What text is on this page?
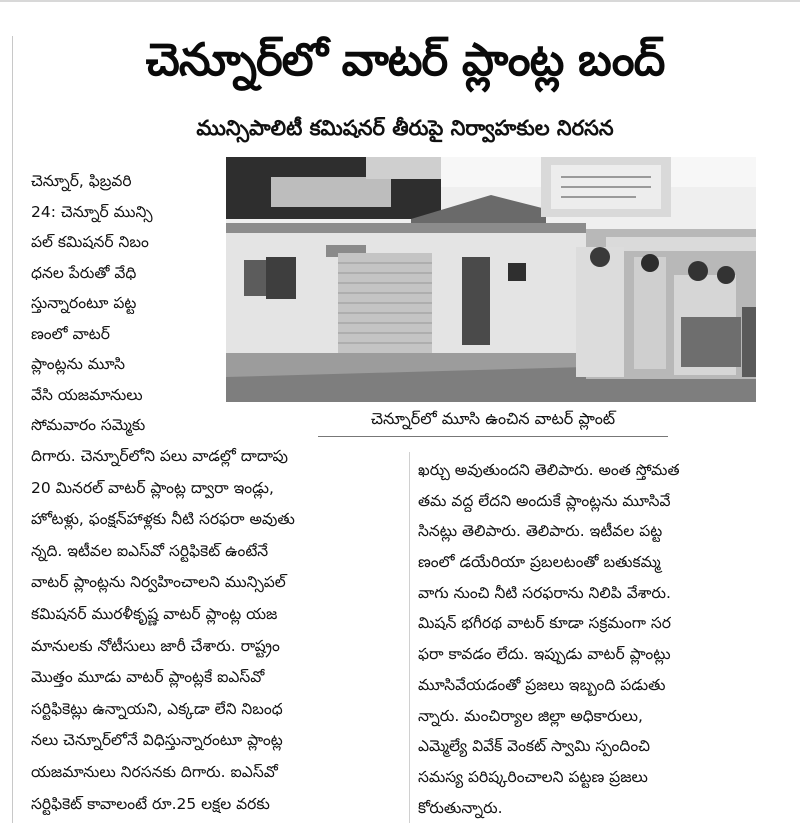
చెన్నూర్‌లో వాటర్ ప్లాంట్ల బంద్
మున్సిపాలిటీ కమిషనర్ తీరుపై నిర్వాహకుల నిరసన
చెన్నూర్‌లో మూసి ఉంచిన వాటర్ ప్లాంట్
చెన్నూర్, ఫిబ్రవరి
24: చెన్నూర్ మున్సి
పల్ కమిషనర్ నిబం
ధనల పేరుతో వేధి
స్తున్నారంటూ పట్ట
ణంలో వాటర్
ప్లాంట్లను మూసి
వేసి యజమానులు
సోమవారం సమ్మెకు
దిగారు. చెన్నూర్‌లోని పలు వాడల్లో దాదాపు
20 మినరల్ వాటర్ ప్లాంట్ల ద్వారా ఇండ్లు,
హోటళ్లు, ఫంక్షన్‌హాళ్లకు నీటి సరఫరా అవుతు
న్నది. ఇటీవల ఐఎస్‌వో సర్టిఫికెట్ ఉంటేనే
వాటర్ ప్లాంట్లను నిర్వహించాలని మున్సిపల్
కమిషనర్ మురళీకృష్ణ వాటర్ ప్లాంట్ల యజ
మానులకు నోటీసులు జారీ చేశారు. రాష్ట్రం
మొత్తం మూడు వాటర్ ప్లాంట్లకే ఐఎస్‌వో
సర్టిఫికెట్లు ఉన్నాయని, ఎక్కడా లేని నిబంధ
నలు చెన్నూర్‌లోనే విధిస్తున్నారంటూ ప్లాంట్ల
యజమానులు నిరసనకు దిగారు. ఐఎస్‌వో
సర్టిఫికెట్ కావాలంటే రూ.25 లక్షల వరకు
ఖర్చు అవుతుందని తెలిపారు. అంత స్తోమత
తమ వద్ద లేదని అందుకే ప్లాంట్లను మూసివే
సినట్లు తెలిపారు. తెలిపారు. ఇటీవల పట్ట
ణంలో డయేరియా ప్రబలటంతో బతుకమ్మ
వాగు నుంచి నీటి సరఫరాను నిలిపి వేశారు.
మిషన్ భగీరథ వాటర్ కూడా సక్రమంగా సర
ఫరా కావడం లేదు. ఇప్పుడు వాటర్ ప్లాంట్లు
మూసివేయడంతో ప్రజలు ఇబ్బంది పడుతు
న్నారు. మంచిర్యాల జిల్లా అధికారులు,
ఎమ్మెల్యే వివేక్ వెంకట్ స్వామి స్పందించి
సమస్య పరిష్కరించాలని పట్టణ ప్రజలు
కోరుతున్నారు.
